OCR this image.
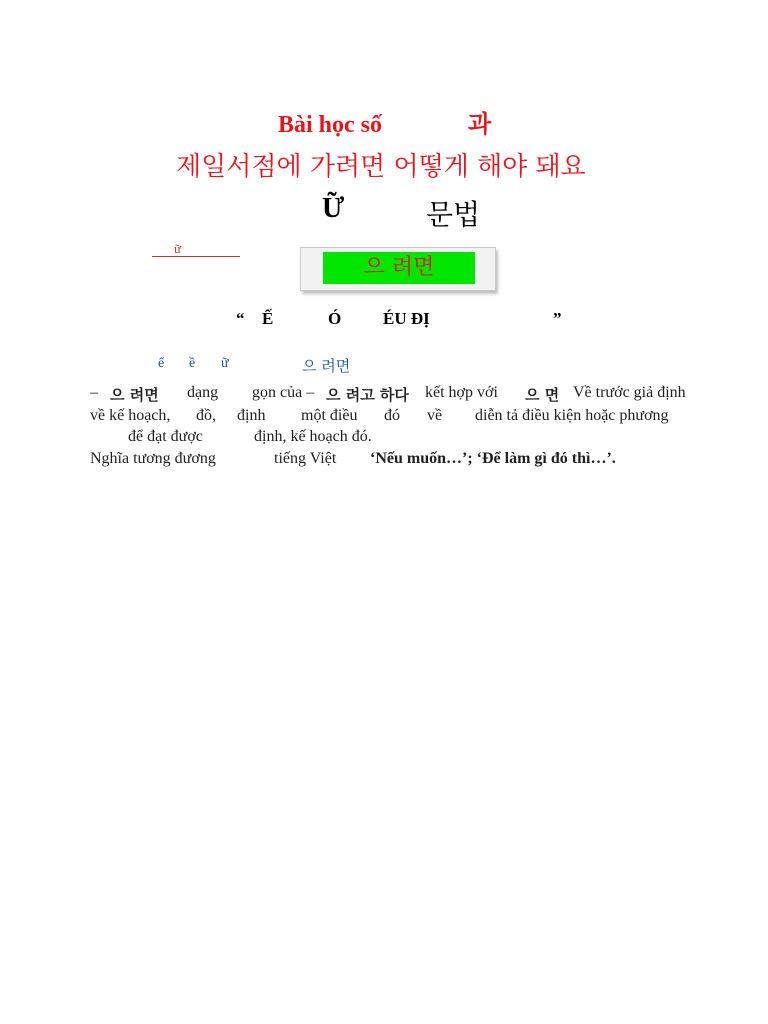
Bài học số	과
제일서점에 가려면 어떻게 해야 돼요
Ữ	문법
ữ
으 려면
“ Ế	Ó ÉU ĐỊ	”
ể ề ữ	으 려면
– 으 려면 dạng gọn của – 으 려고 하다 kết hợp với 으 면 Về trước giả định
về kế hoạch, đồ, định một điều đó về diễn tả điều kiện hoặc phương
để đạt được	định, kế hoạch đó.
Nghĩa tương đương	tiếng Việt ‘Nếu muốn…’; ‘Để làm gì đó thì…’.
